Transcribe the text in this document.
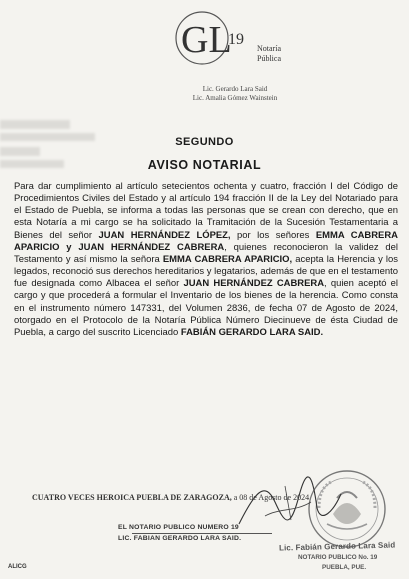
GL
19
Notaría
Pública
Lic. Gerardo Lara Said
Lic. Amalia Gómez Wainstein
SEGUNDO
AVISO NOTARIAL
Para dar cumplimiento al artículo setecientos ochenta y cuatro, fracción I del Código de Procedimientos Civiles del Estado y al artículo 194 fracción II de la Ley del Notariado para el Estado de Puebla, se informa a todas las personas que se crean con derecho, que en esta Notaría a mi cargo se ha solicitado la Tramitación de la Sucesión Testamentaria a Bienes del señor JUAN HERNÁNDEZ LÓPEZ, por los señores EMMA CABRERA APARICIO y JUAN HERNÁNDEZ CABRERA, quienes reconocieron la validez del Testamento y así mismo la señora EMMA CABRERA APARICIO, acepta la Herencia y los legados, reconoció sus derechos hereditarios y legatarios, además de que en el testamento fue designada como Albacea el señor JUAN HERNÁNDEZ CABRERA, quien aceptó el cargo y que procederá a formular el Inventario de los bienes de la herencia. Como consta en el instrumento número 147331, del Volumen 2836, de fecha 07 de Agosto de 2024, otorgado en el Protocolo de la Notaría Pública Número Diecinueve de ésta Ciudad de Puebla, a cargo del suscrito Licenciado FABIÁN GERARDO LARA SAID.
CUATRO VECES HEROICA PUEBLA DE ZARAGOZA, a 08 de Agosto de 2024.
EL NOTARIO PUBLICO NUMERO 19
LIC. FABIAN GERARDO LARA SAID.
Lic. Fabián Gerardo Lara Said
NOTARIO PUBLICO No. 19
PUEBLA, PUE.
ALICG
